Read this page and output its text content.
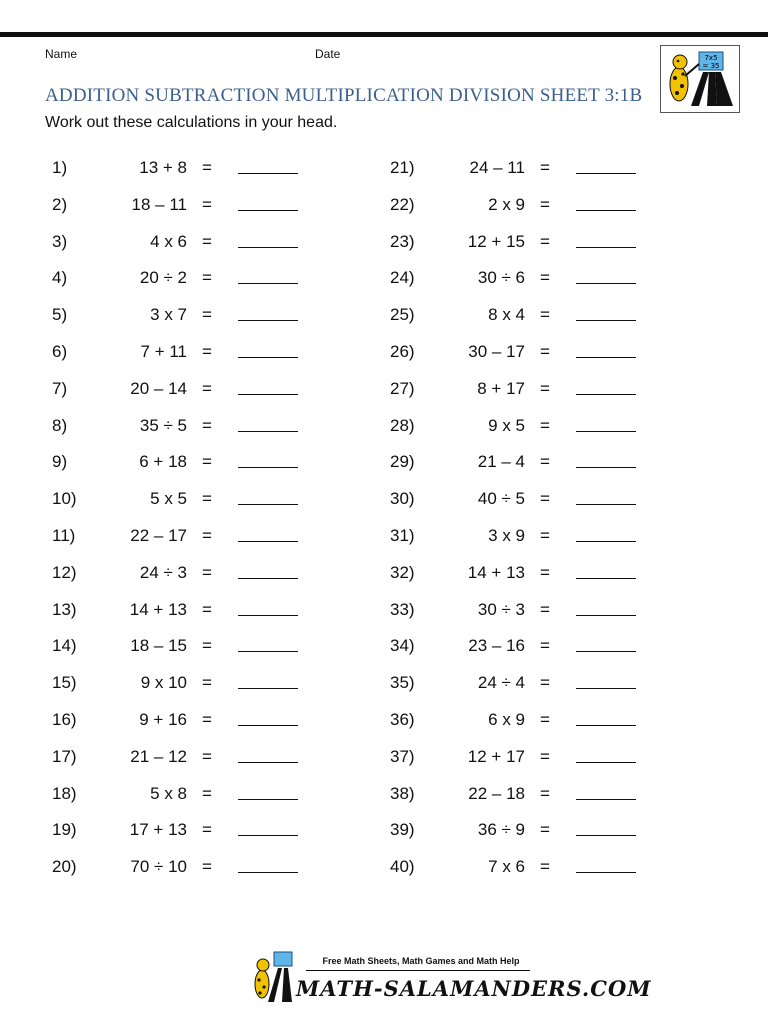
Name	Date
ADDITION SUBTRACTION MULTIPLICATION DIVISION SHEET 3:1B
Work out these calculations in your head.
7x5
= 35
1)	13 + 8 =
2)	18 – 11 =
3)	4 x 6 =
4)	20 ÷ 2 =
5)	3 x 7 =
6)	7 + 11 =
7)	20 – 14 =
8)	35 ÷ 5 =
9)	6 + 18 =
10)	5 x 5 =
11)	22 – 17 =
12)	24 ÷ 3 =
13)	14 + 13 =
14)	18 – 15 =
15)	9 x 10 =
16)	9 + 16 =
17)	21 – 12 =
18)	5 x 8 =
19)	17 + 13 =
20)	70 ÷ 10 =
21)	24 – 11 =
22)	2 x 9 =
23)	12 + 15 =
24)	30 ÷ 6 =
25)	8 x 4 =
26)	30 – 17 =
27)	8 + 17 =
28)	9 x 5 =
29)	21 – 4 =
30)	40 ÷ 5 =
31)	3 x 9 =
32)	14 + 13 =
33)	30 ÷ 3 =
34)	23 – 16 =
35)	24 ÷ 4 =
36)	6 x 9 =
37)	12 + 17 =
38)	22 – 18 =
39)	36 ÷ 9 =
40)	7 x 6 =
Free Math Sheets, Math Games and Math Help
MATH-SALAMANDERS.COM
